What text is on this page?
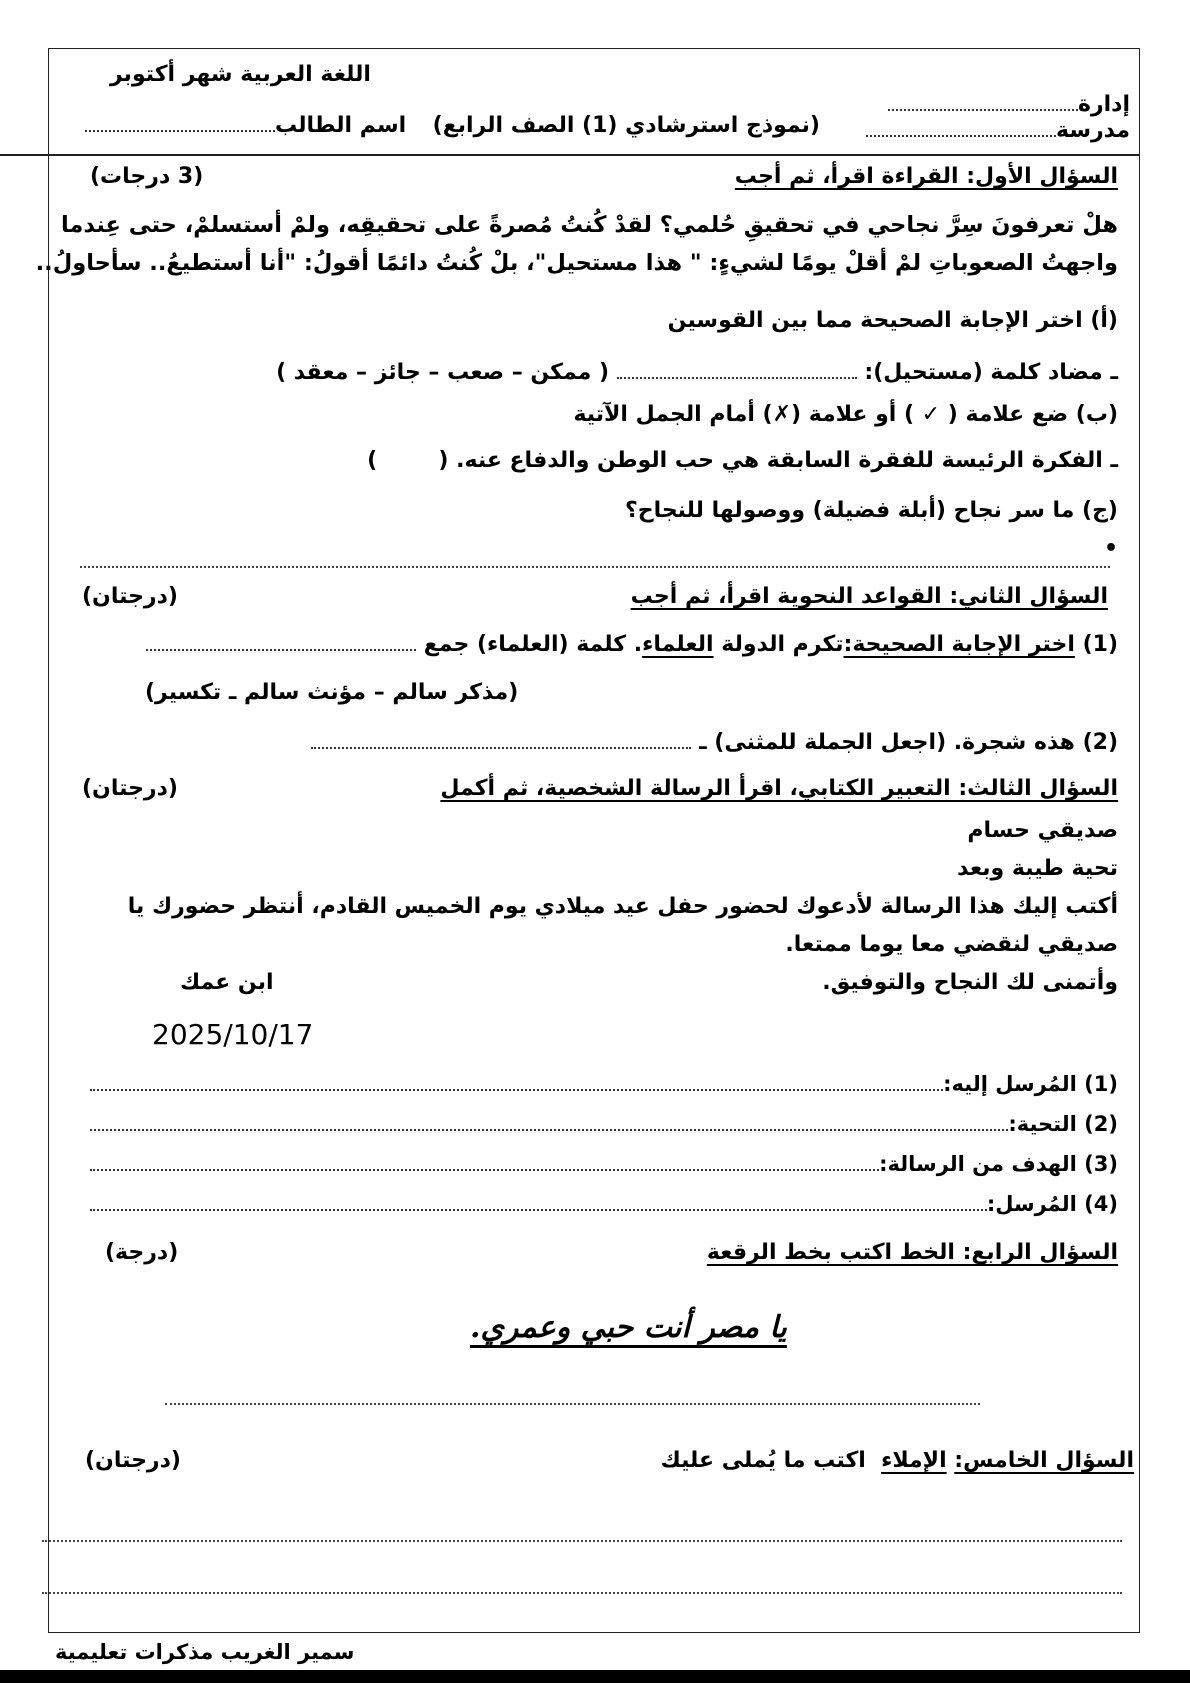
إدارة
اللغة العربية شهر أكتوبر
مدرسة
(نموذج استرشادي (1) الصف الرابع)
اسم الطالب
السؤال الأول: القراءة اقرأ، ثم أجب
(3 درجات)
هلْ تعرفونَ سِرَّ نجاحي في تحقيقِ حُلمي؟ لقدْ كُنتُ مُصرةً على تحقيقِه، ولمْ أستسلمْ، حتى عِندما
واجهتُ الصعوباتِ لمْ أقلْ يومًا لشيءٍ: " هذا مستحيل"، بلْ كُنتُ دائمًا أقولُ: "أنا أستطيعُ.. سأحاولُ..
(أ) اختر الإجابة الصحيحة مما بين القوسين
ـ مضاد كلمة (مستحيل):  ( ممكن – صعب – جائز – معقد )
(ب) ضع علامة ( ✓ ) أو علامة (✗) أمام الجمل الآتية
ـ الفكرة الرئيسة للفقرة السابقة هي حب الوطن والدفاع عنه. (        )
(ج) ما سر نجاح (أبلة فضيلة) ووصولها للنجاح؟
•
السؤال الثاني: القواعد النحوية اقرأ، ثم أجب
(درجتان)
(1) اختر الإجابة الصحيحة:تكرم الدولة العلماء. كلمة (العلماء) جمع
(مذكر سالم – مؤنث سالم ـ تكسير)
(2) هذه شجرة. (اجعل الجملة للمثنى) ـ
السؤال الثالث: التعبير الكتابي، اقرأ الرسالة الشخصية، ثم أكمل
(درجتان)
صديقي حسام
تحية طيبة وبعد
أكتب إليك هذا الرسالة لأدعوك لحضور حفل عيد ميلادي يوم الخميس القادم، أنتظر حضورك يا
صديقي لنقضي معا يوما ممتعا.
وأتمنى لك النجاح والتوفيق.
ابن عمك
2025/10/17
(1)

المُرسل إليه:
(2)

التحية:
(3)

الهدف من الرسالة:
(4)

المُرسل:
السؤال الرابع: الخط اكتب بخط الرقعة
(درجة)
يا مصر أنت حبي وعمري.
السؤال الخامس: الإملاء  اكتب ما يُملى عليك
(درجتان)
سمير الغريب مذكرات تعليمية
